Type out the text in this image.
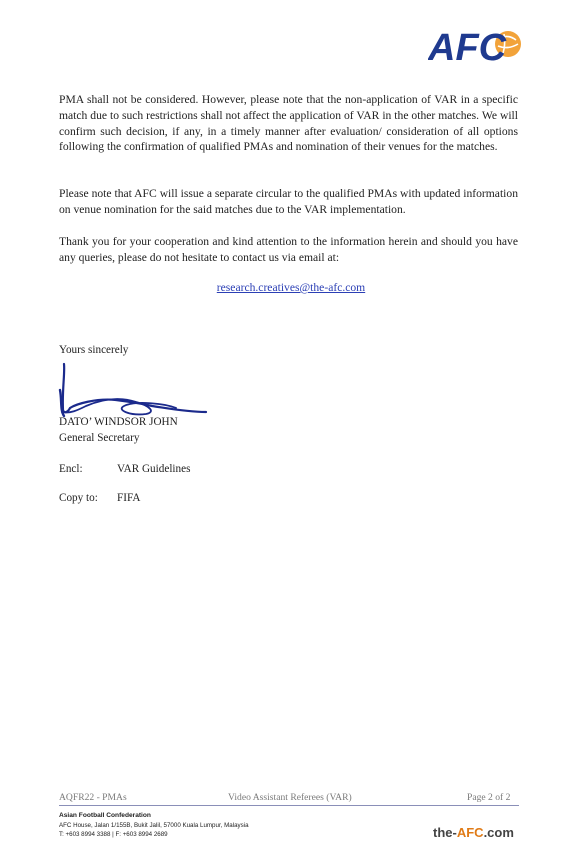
AFC

PMA shall not be considered. However, please note that the non-application of VAR in a specific match due to such restrictions shall not affect the application of VAR in the other matches. We will confirm such decision, if any, in a timely manner after evaluation/ consideration of all options following the confirmation of qualified PMAs and nomination of their venues for the matches.

Please note that AFC will issue a separate circular to the qualified PMAs with updated information on venue nomination for the said matches due to the VAR implementation.

Thank you for your cooperation and kind attention to the information herein and should you have any queries, please do not hesitate to contact us via email at:

research.creatives@the-afc.com
Yours sincerely
DATO’ WINDSOR JOHN
General Secretary
Encl:	VAR Guidelines
Copy to: FIFA
AQFR22 - PMAs	Video Assistant Referees (VAR)	Page 2 of 2
Asian Football Confederation
AFC House, Jalan 1/155B, Bukit Jalil, 57000 Kuala Lumpur, Malaysia
T: +603 8994 3388 | F: +603 8994 2689	the-AFC.com
